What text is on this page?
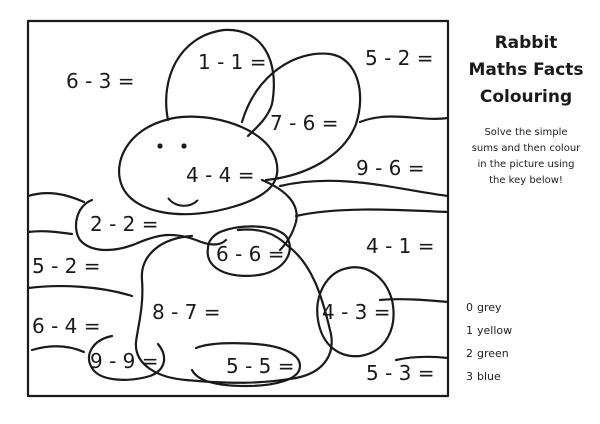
1 - 1 =	5 - 2 =
6 - 3 =
7 - 6 =
4 - 4 =	9 - 6 =
2 - 2 =
4 - 1 =
6 - 6 =
5 - 2 =
8 - 7 =	4 - 3 =
6 - 4 =
9 - 9 =	5 - 5 =	5 - 3 =
Rabbit
Maths Facts
Colouring
Solve the simple
sums and then colour
in the picture using
the key below!
0 grey
1 yellow
2 green
3 blue
